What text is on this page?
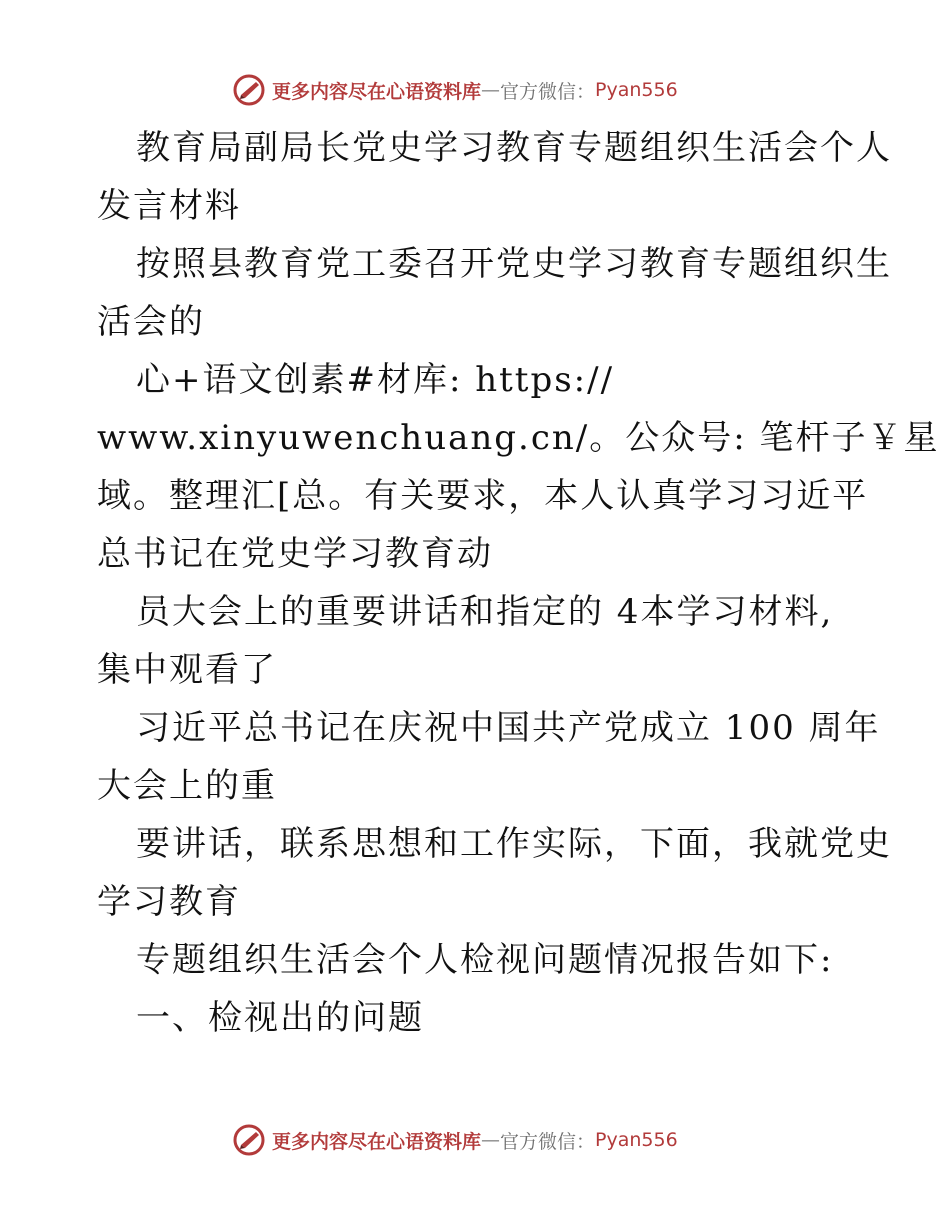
更多内容尽在心语资料库 — 官方微信： Pyan556
教育局副局长党史学习教育专题组织生活会个人
发言材料
按照县教育党工委召开党史学习教育专题组织生
活会的
心+语文创素#材库: https://
www.xinyuwenchuang.cn/。公众号: 笔杆子￥星
域。整理汇[总。有关要求，本人认真学习习近平
总书记在党史学习教育动
员大会上的重要讲话和指定的 4本学习材料,
集中观看了
习近平总书记在庆祝中国共产党成立 100 周年
大会上的重
要讲话，联系思想和工作实际，下面，我就党史
学习教育
专题组织生活会个人检视问题情况报告如下:
一、检视出的问题
更多内容尽在心语资料库 — 官方微信： Pyan556
